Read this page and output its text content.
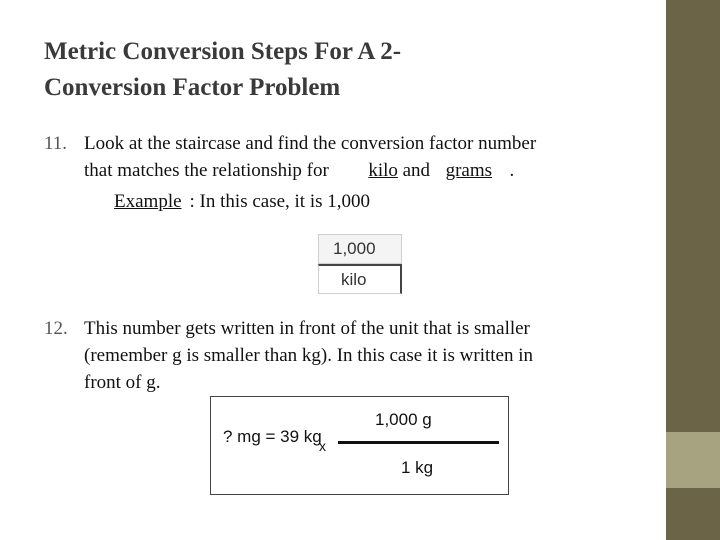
Metric Conversion Steps For A 2-
Conversion Factor Problem
11. Look at the staircase and find the conversion factor number
that matches the relationship for kilo and grams .
Example : In this case, it is 1,000
1,000
kilo
12. This number gets written in front of the unit that is smaller
(remember g is smaller than kg). In this case it is written in
front of g.
? mg = 39 kg
x
1,000 g
1 kg
